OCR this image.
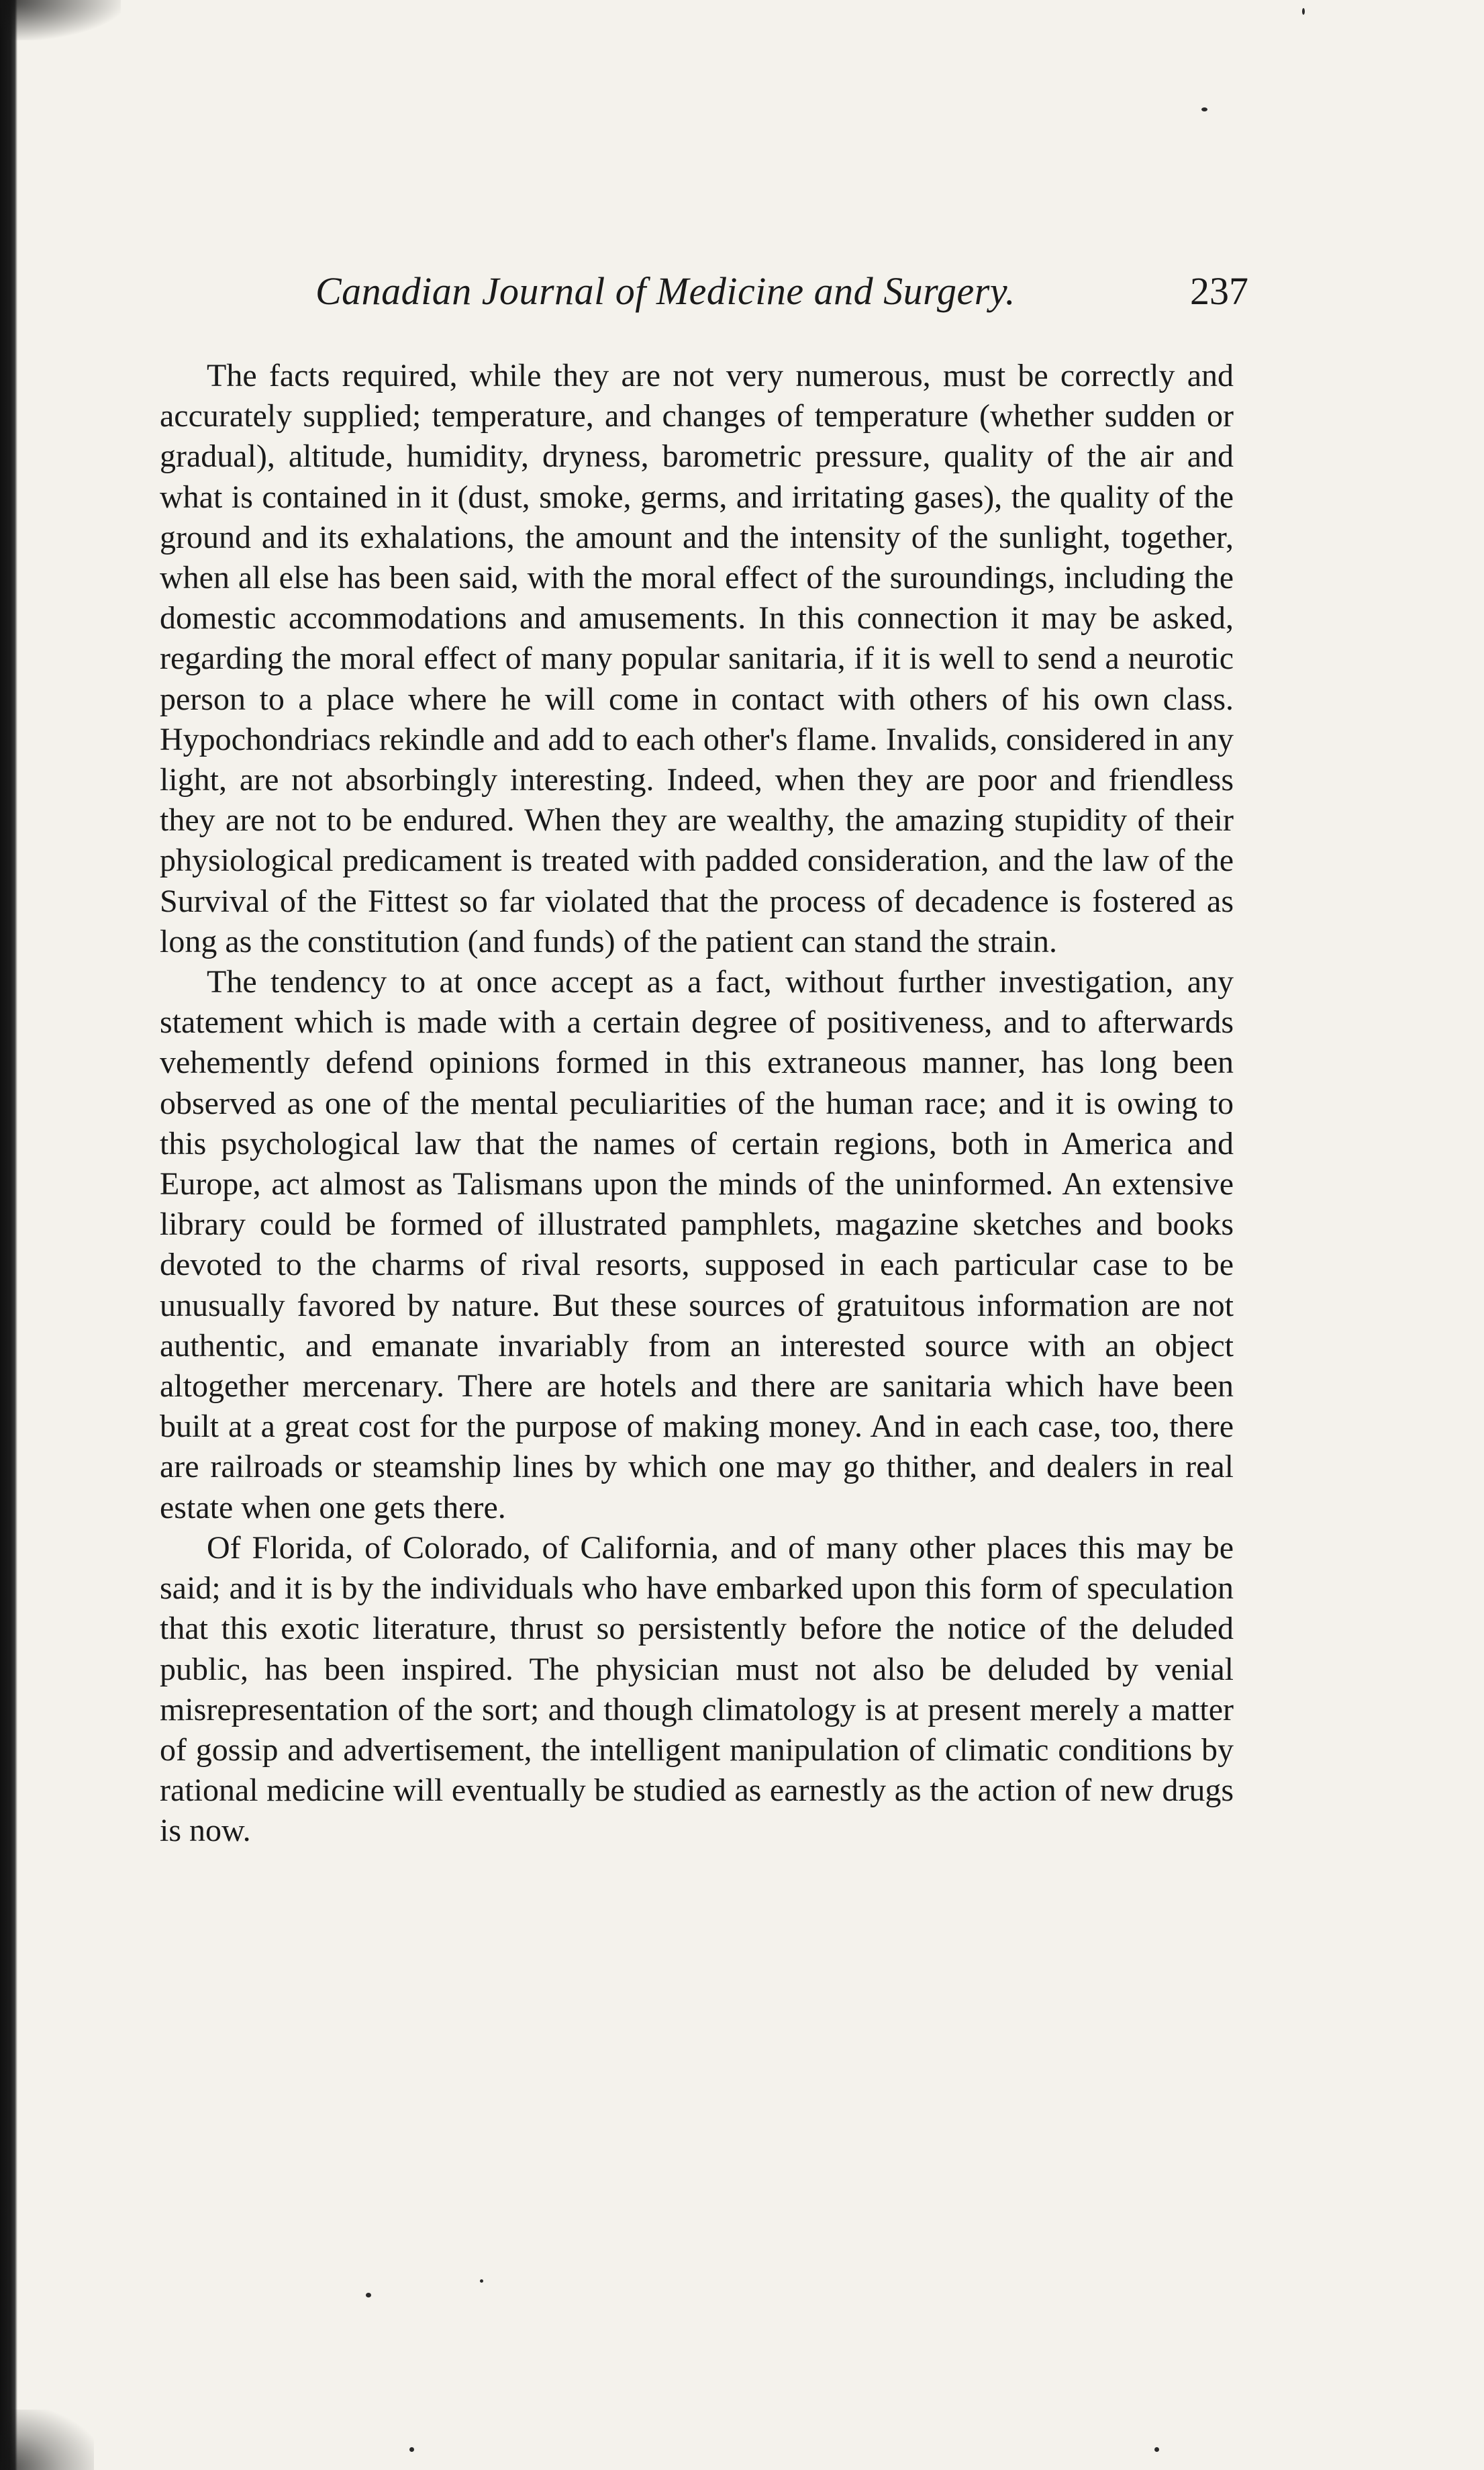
Canadian Journal of Medicine and Surgery.	237

The facts required, while they are not very numerous, must be correctly and accurately supplied; temperature, and changes of temperature (whether sudden or gradual), altitude, humidity, dryness, barometric pressure, quality of the air and what is contained in it (dust, smoke, germs, and irritating gases), the quality of the ground and its exhalations, the amount and the intensity of the sunlight, together, when all else has been said, with the moral effect of the suroundings, including the domestic accommodations and amusements. In this connection it may be asked, regarding the moral effect of many popular sanitaria, if it is well to send a neurotic person to a place where he will come in contact with others of his own class. Hypochondriacs rekindle and add to each other's flame. Invalids, considered in any light, are not absorbingly interesting. Indeed, when they are poor and friendless they are not to be endured. When they are wealthy, the amazing stupidity of their physiological predicament is treated with padded consideration, and the law of the Survival of the Fittest so far violated that the process of decadence is fostered as long as the constitution (and funds) of the patient can stand the strain.

The tendency to at once accept as a fact, without further investigation, any statement which is made with a certain degree of positiveness, and to afterwards vehemently defend opinions formed in this extraneous manner, has long been observed as one of the mental peculiarities of the human race; and it is owing to this psychological law that the names of certain regions, both in America and Europe, act almost as Talismans upon the minds of the uninformed. An extensive library could be formed of illustrated pamphlets, magazine sketches and books devoted to the charms of rival resorts, supposed in each particular case to be unusually favored by nature. But these sources of gratuitous information are not authentic, and emanate invariably from an interested source with an object altogether mercenary. There are hotels and there are sanitaria which have been built at a great cost for the purpose of making money. And in each case, too, there are railroads or steamship lines by which one may go thither, and dealers in real estate when one gets there.

Of Florida, of Colorado, of California, and of many other places this may be said; and it is by the individuals who have embarked upon this form of speculation that this exotic literature, thrust so persistently before the notice of the deluded public, has been inspired. The physician must not also be deluded by venial misrepresentation of the sort; and though climatology is at present merely a matter of gossip and advertisement, the intelligent manipulation of climatic conditions by rational medicine will eventually be studied as earnestly as the action of new drugs is now.
